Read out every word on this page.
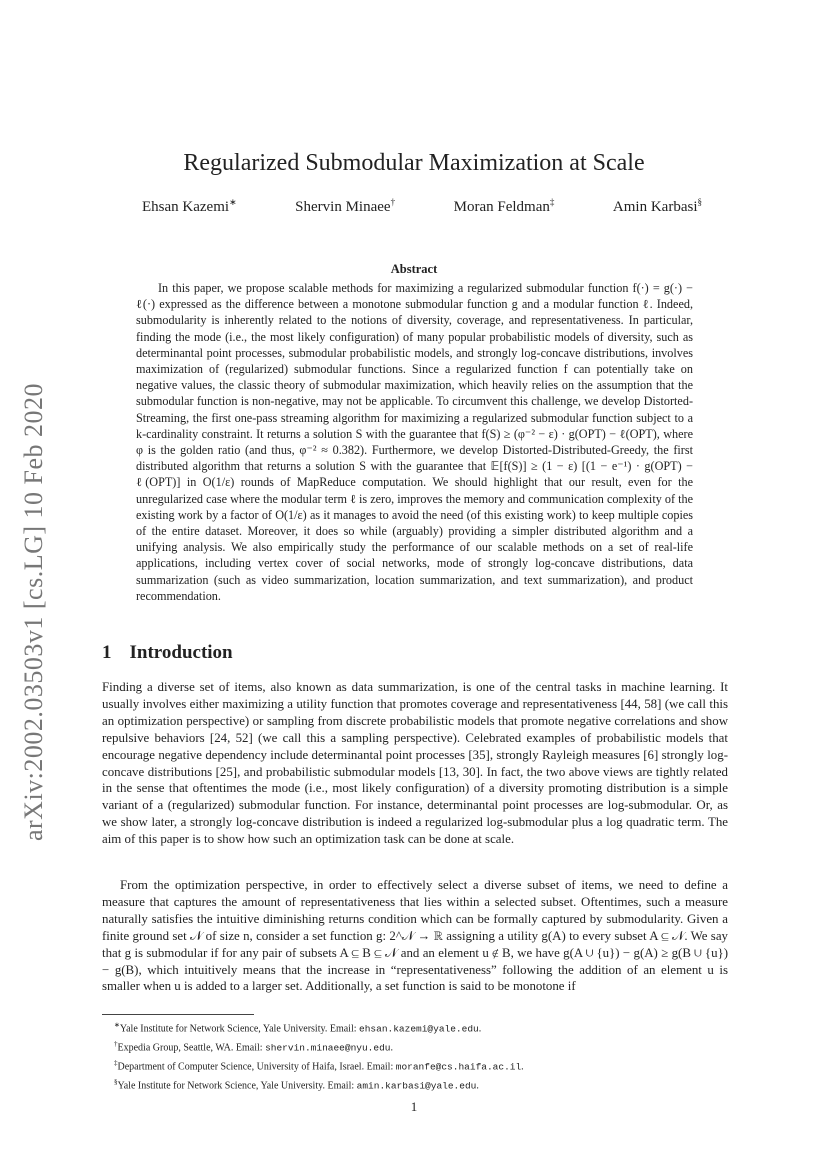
arXiv:2002.03503v1 [cs.LG] 10 Feb 2020
Regularized Submodular Maximization at Scale
Ehsan Kazemi∗	Shervin Minaee†	Moran Feldman‡	Amin Karbasi§
Abstract

In this paper, we propose scalable methods for maximizing a regularized submodular function f(·) = g(·) − ℓ(·) expressed as the difference between a monotone submodular function g and a modular function ℓ. Indeed, submodularity is inherently related to the notions of diversity, coverage, and representativeness. In particular, finding the mode (i.e., the most likely configuration) of many popular probabilistic models of diversity, such as determinantal point processes, submodular probabilistic models, and strongly log-concave distributions, involves maximization of (regularized) submodular functions. Since a regularized function f can potentially take on negative values, the classic theory of submodular maximization, which heavily relies on the assumption that the submodular function is non-negative, may not be applicable. To circumvent this challenge, we develop Distorted-Streaming, the first one-pass streaming algorithm for maximizing a regularized submodular function subject to a k-cardinality constraint. It returns a solution S with the guarantee that f(S) ≥ (φ⁻² − ε) · g(OPT) − ℓ(OPT), where φ is the golden ratio (and thus, φ⁻² ≈ 0.382). Furthermore, we develop Distorted-Distributed-Greedy, the first distributed algorithm that returns a solution S with the guarantee that 𝔼[f(S)] ≥ (1 − ε) [(1 − e⁻¹) · g(OPT) − ℓ(OPT)] in O(1/ε) rounds of MapReduce computation. We should highlight that our result, even for the unregularized case where the modular term ℓ is zero, improves the memory and communication complexity of the existing work by a factor of O(1/ε) as it manages to avoid the need (of this existing work) to keep multiple copies of the entire dataset. Moreover, it does so while (arguably) providing a simpler distributed algorithm and a unifying analysis. We also empirically study the performance of our scalable methods on a set of real-life applications, including vertex cover of social networks, mode of strongly log-concave distributions, data summarization (such as video summarization, location summarization, and text summarization), and product recommendation.

1 Introduction

Finding a diverse set of items, also known as data summarization, is one of the central tasks in machine learning. It usually involves either maximizing a utility function that promotes coverage and representativeness [44, 58] (we call this an optimization perspective) or sampling from discrete probabilistic models that promote negative correlations and show repulsive behaviors [24, 52] (we call this a sampling perspective). Celebrated examples of probabilistic models that encourage negative dependency include determinantal point processes [35], strongly Rayleigh measures [6] strongly log-concave distributions [25], and probabilistic submodular models [13, 30]. In fact, the two above views are tightly related in the sense that oftentimes the mode (i.e., most likely configuration) of a diversity promoting distribution is a simple variant of a (regularized) submodular function. For instance, determinantal point processes are log-submodular. Or, as we show later, a strongly log-concave distribution is indeed a regularized log-submodular plus a log quadratic term. The aim of this paper is to show how such an optimization task can be done at scale.

From the optimization perspective, in order to effectively select a diverse subset of items, we need to define a measure that captures the amount of representativeness that lies within a selected subset. Oftentimes, such a measure naturally satisfies the intuitive diminishing returns condition which can be formally captured by submodularity. Given a finite ground set 𝒩 of size n, consider a set function g: 2^𝒩 → ℝ assigning a utility g(A) to every subset A ⊆ 𝒩. We say that g is submodular if for any pair of subsets A ⊆ B ⊆ 𝒩 and an element u ∉ B, we have g(A ∪ {u}) − g(A) ≥ g(B ∪ {u}) − g(B), which intuitively means that the increase in “representativeness” following the addition of an element u is smaller when u is added to a larger set. Additionally, a set function is said to be monotone if

∗Yale Institute for Network Science, Yale University. Email: ehsan.kazemi@yale.edu.
†Expedia Group, Seattle, WA. Email: shervin.minaee@nyu.edu.
‡Department of Computer Science, University of Haifa, Israel. Email: moranfe@cs.haifa.ac.il.
§Yale Institute for Network Science, Yale University. Email: amin.karbasi@yale.edu.
1
